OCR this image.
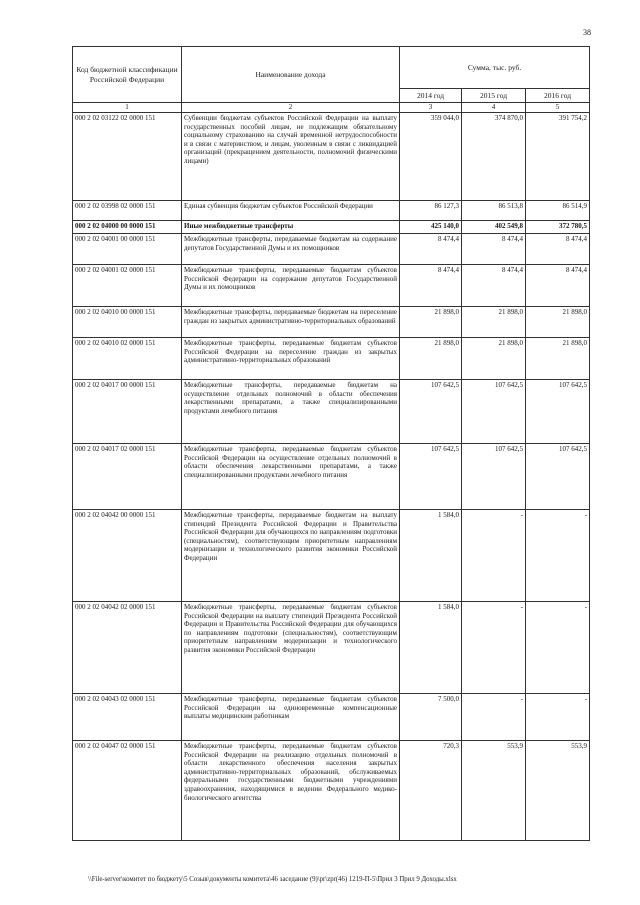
38
Код бюджетной классификации Российской Федерации	Наименование дохода	Сумма, тыс. руб.		
		2014 год	2015 год	2016 год
1	2	3	4	5
000 2 02 03122 02 0000 151	Субвенции бюджетам субъектов Российской Федерации на выплату государственных пособий лицам, не подлежащим обязательному социальному страхованию на случай временной нетрудоспособности и в связи с материнством, и лицам, уволенным в связи с ликвидацией организаций (прекращением деятельности, полномочий физическими лицами)	359 044,0	374 870,0	391 754,2
000 2 02 03998 02 0000 151	Единая субвенция бюджетам субъектов Российской Федерации	86 127,3	86 513,8	86 514,9
000 2 02 04000 00 0000 151	Иные межбюджетные трансферты	425 140,0	402 549,8	372 780,5
000 2 02 04001 00 0000 151	Межбюджетные трансферты, передаваемые бюджетам на содержание депутатов Государственной Думы и их помощников	8 474,4	8 474,4	8 474,4
000 2 02 04001 02 0000 151	Межбюджетные трансферты, передаваемые бюджетам субъектов Российской Федерации на содержание депутатов Государственной Думы и их помощников	8 474,4	8 474,4	8 474,4
000 2 02 04010 00 0000 151	Межбюджетные трансферты, передаваемые бюджетам на переселение граждан из закрытых административно-территориальных образований	21 898,0	21 898,0	21 898,0
000 2 02 04010 02 0000 151	Межбюджетные трансферты, передаваемые бюджетам субъектов Российской Федерации на переселение граждан из закрытых административно-территориальных образований	21 898,0	21 898,0	21 898,0
000 2 02 04017 00 0000 151	Межбюджетные трансферты, передаваемые бюджетам на осуществление отдельных полномочий в области обеспечения лекарственными препаратами, а также специализированными продуктами лечебного питания	107 642,5	107 642,5	107 642,5
000 2 02 04017 02 0000 151	Межбюджетные трансферты, передаваемые бюджетам субъектов Российской Федерации на осуществление отдельных полномочий в области обеспечения лекарственными препаратами, а также специализированными продуктами лечебного питания	107 642,5	107 642,5	107 642,5
000 2 02 04042 00 0000 151	Межбюджетные трансферты, передаваемые бюджетам на выплату стипендий Президента Российской Федерации и Правительства Российской Федерации для обучающихся по направлениям подготовки (специальностям), соответствующим приоритетным направлениям модернизации и технологического развития экономики Российской Федерации	1 584,0	-	-
000 2 02 04042 02 0000 151	Межбюджетные трансферты, передаваемые бюджетам субъектов Российской Федерации на выплату стипендий Президента Российской Федерации и Правительства Российской Федерации для обучающихся по направлениям подготовки (специальностям), соответствующим приоритетным направлениям модернизации и технологического развития экономики Российской Федерации	1 584,0	-	-
000 2 02 04043 02 0000 151	Межбюджетные трансферты, передаваемые бюджетам субъектов Российской Федерации на единовременные компенсационные выплаты медицинским работникам	7 500,0	-	-
000 2 02 04047 02 0000 151	Межбюджетные трансферты, передаваемые бюджетам субъектов Российской Федерации на реализацию отдельных полномочий в области лекарственного обеспечения населения закрытых административно-территориальных образований, обслуживаемых федеральными государственными бюджетными учреждениями здравоохранения, находящимися в ведении Федерального медико-биологического агентства	720,3	553,9	553,9
\\File-server\комитет по бюджету\5 Созыв\документы комитета\46 заседание (9)\pr\zpr(46) 1219-П-5\Прил 3 Прил 9 Доходы.xlsx
